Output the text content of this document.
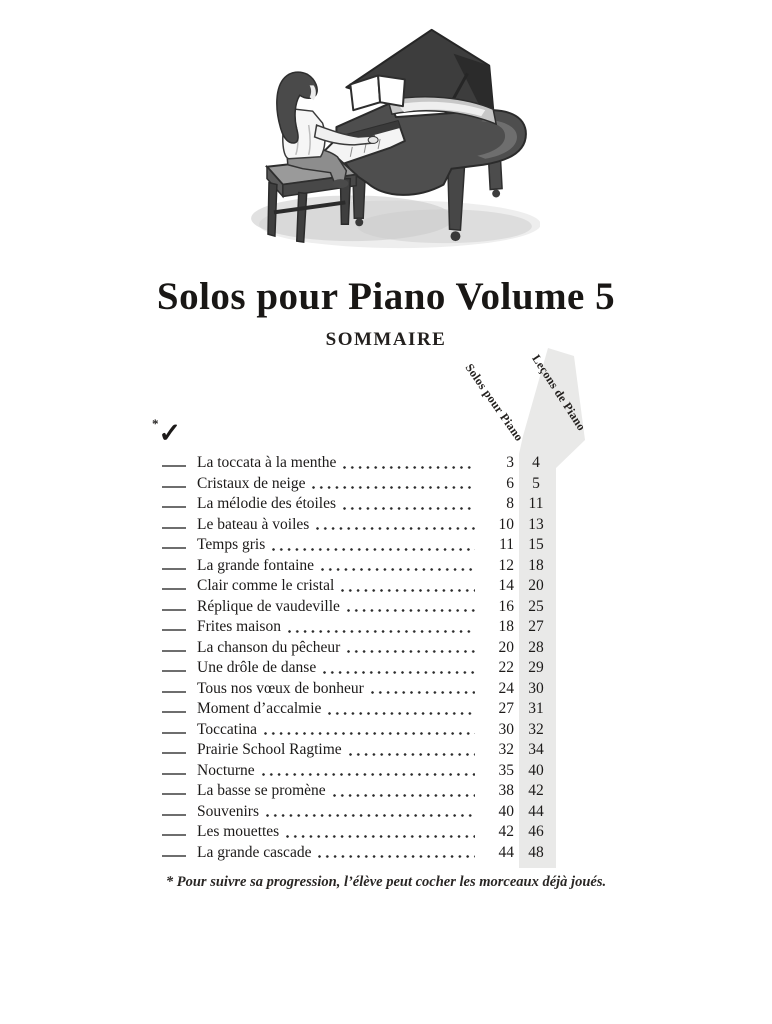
Solos pour Piano Volume 5
SOMMAIRE
Solos pour Piano Leçons de Piano
*✓
La toccata à la menthe	3	4
Cristaux de neige	6	5
La mélodie des étoiles	8 11
Le bateau à voiles	10 13
Temps gris	11 15
La grande fontaine	12 18
Clair comme le cristal	14 20
Réplique de vaudeville	16 25
Frites maison	18 27
La chanson du pêcheur	20 28
Une drôle de danse	22 29
Tous nos vœux de bonheur	24 30
Moment d’accalmie	27 31
Toccatina	30 32
Prairie School Ragtime	32 34
Nocturne	35 40
La basse se promène	38 42
Souvenirs	40 44
Les mouettes	42 46
La grande cascade	44 48
* Pour suivre sa progression, l’élève peut cocher les morceaux déjà joués.
